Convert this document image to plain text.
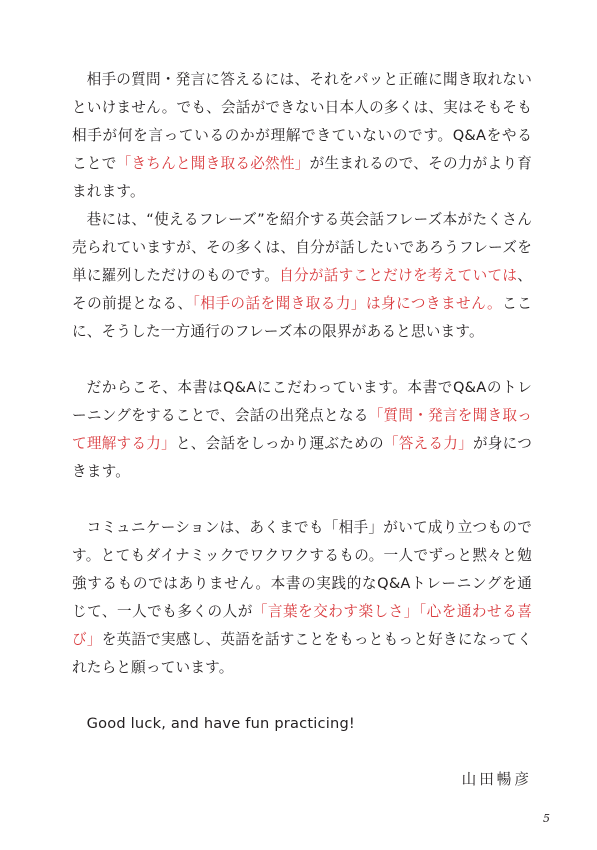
相手の質問・発言に答えるには、それをパッと正確に聞き取れないといけません。でも、会話ができない日本人の多くは、実はそもそも相手が何を言っているのかが理解できていないのです。Q&Aをやることで「きちんと聞き取る必然性」が生まれるので、その力がより育まれます。

巷には、“使えるフレーズ”を紹介する英会話フレーズ本がたくさん売られていますが、その多くは、自分が話したいであろうフレーズを単に羅列しただけのものです。自分が話すことだけを考えていては、その前提となる、「相手の話を聞き取る力」は身につきません。ここに、そうした一方通行のフレーズ本の限界があると思います。

だからこそ、本書はQ&Aにこだわっています。本書でQ&Aのトレーニングをすることで、会話の出発点となる「質問・発言を聞き取って理解する力」と、会話をしっかり運ぶための「答える力」が身につきます。

コミュニケーションは、あくまでも「相手」がいて成り立つものです。とてもダイナミックでワクワクするもの。一人でずっと黙々と勉強するものではありません。本書の実践的なQ&Aトレーニングを通じて、一人でも多くの人が「言葉を交わす楽しさ」「心を通わせる喜び」を英語で実感し、英語を話すことをもっともっと好きになってくれたらと願っています。

Good luck, and have fun practicing!

山田暢彦

5
